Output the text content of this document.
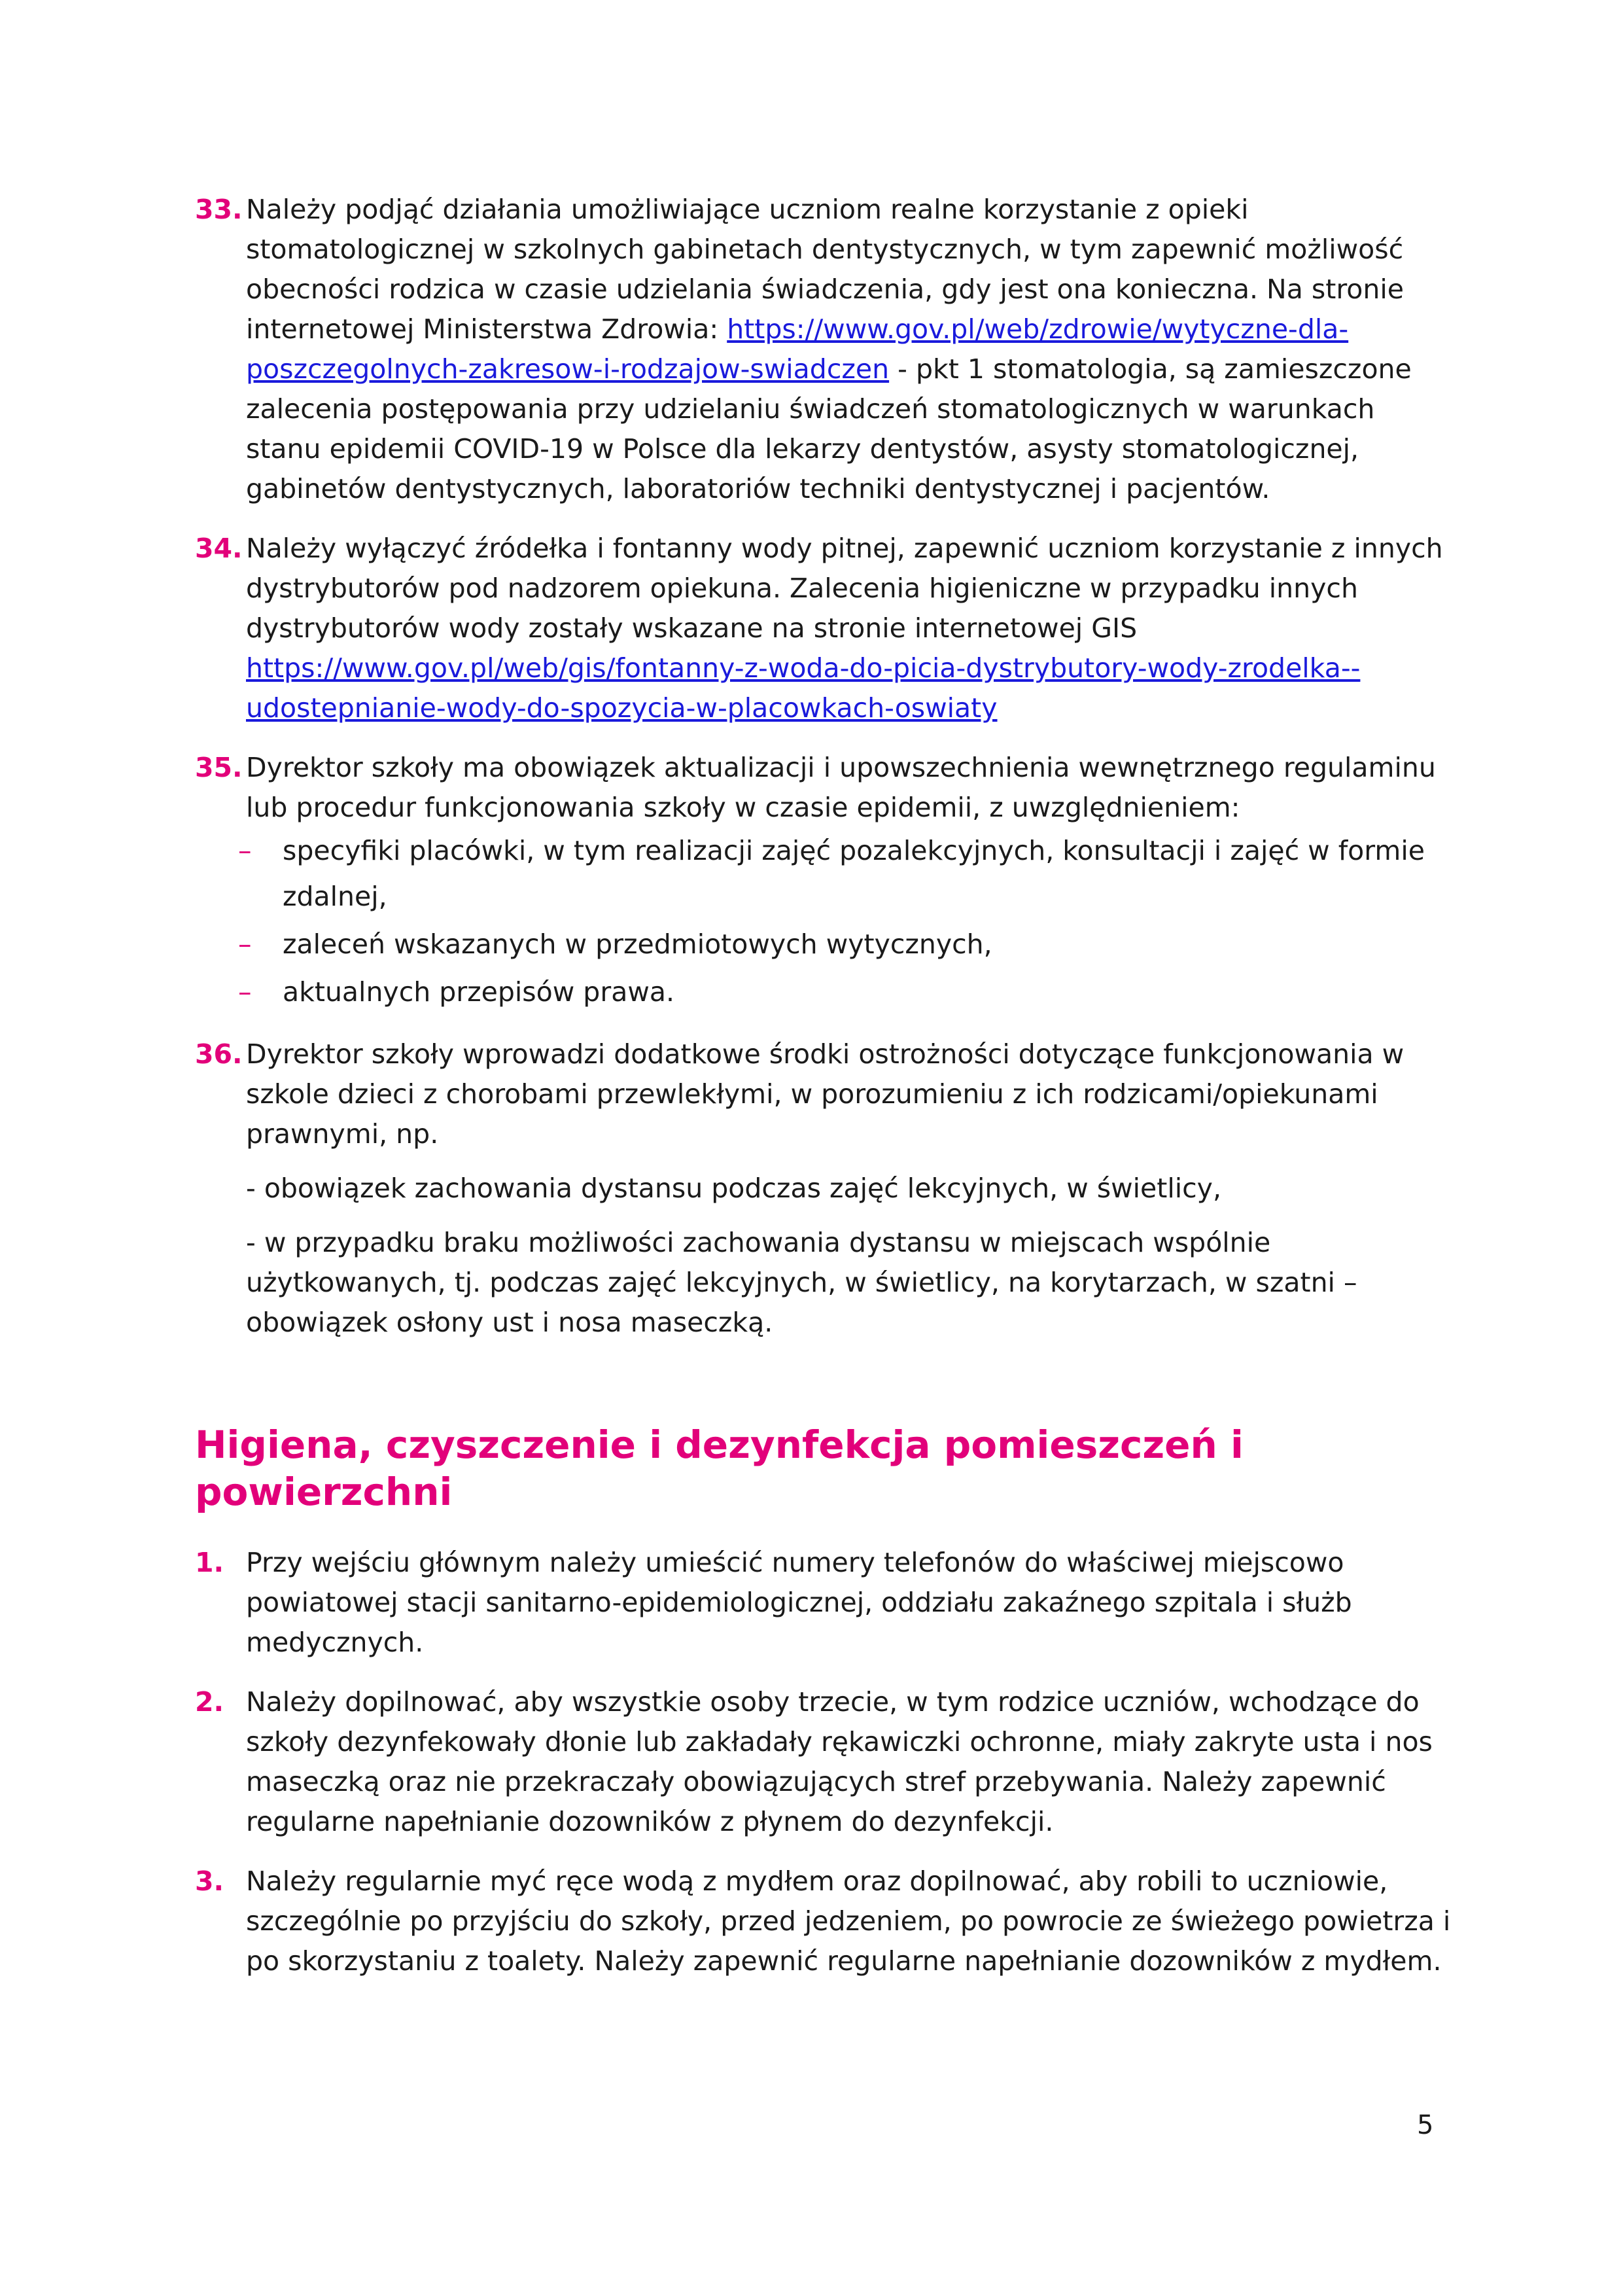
33. Należy podjąć działania umożliwiające uczniom realne korzystanie z opieki stomatologicznej w szkolnych gabinetach dentystycznych, w tym zapewnić możliwość obecności rodzica w czasie udzielania świadczenia, gdy jest ona konieczna. Na stronie internetowej Ministerstwa Zdrowia: https://www.gov.pl/web/zdrowie/wytyczne-dla-poszczegolnych-zakresow-i-rodzajow-swiadczen - pkt 1 stomatologia, są zamieszczone zalecenia postępowania przy udzielaniu świadczeń stomatologicznych w warunkach stanu epidemii COVID-19 w Polsce dla lekarzy dentystów, asysty stomatologicznej, gabinetów dentystycznych, laboratoriów techniki dentystycznej i pacjentów.

34. Należy wyłączyć źródełka i fontanny wody pitnej, zapewnić uczniom korzystanie z innych dystrybutorów pod nadzorem opiekuna. Zalecenia higieniczne w przypadku innych dystrybutorów wody zostały wskazane na stronie internetowej GIS https://www.gov.pl/web/gis/fontanny-z-woda-do-picia-dystrybutory-wody-zrodelka--udostepnianie-wody-do-spozycia-w-placowkach-oswiaty

35. Dyrektor szkoły ma obowiązek aktualizacji i upowszechnienia wewnętrznego regulaminu lub procedur funkcjonowania szkoły w czasie epidemii, z uwzględnieniem:

– specyfiki placówki, w tym realizacji zajęć pozalekcyjnych, konsultacji i zajęć w formie zdalnej,
– zaleceń wskazanych w przedmiotowych wytycznych,
– aktualnych przepisów prawa.
36. Dyrektor szkoły wprowadzi dodatkowe środki ostrożności dotyczące funkcjonowania w szkole dzieci z chorobami przewlekłymi, w porozumieniu z ich rodzicami/opiekunami prawnymi, np.

- obowiązek zachowania dystansu podczas zajęć lekcyjnych, w świetlicy,

- w przypadku braku możliwości zachowania dystansu w miejscach wspólnie użytkowanych, tj. podczas zajęć lekcyjnych, w świetlicy, na korytarzach, w szatni – obowiązek osłony ust i nosa maseczką.

Higiena, czyszczenie i dezynfekcja pomieszczeń i powierzchni
1. Przy wejściu głównym należy umieścić numery telefonów do właściwej miejscowo powiatowej stacji sanitarno-epidemiologicznej, oddziału zakaźnego szpitala i służb medycznych.

2. Należy dopilnować, aby wszystkie osoby trzecie, w tym rodzice uczniów, wchodzące do szkoły dezynfekowały dłonie lub zakładały rękawiczki ochronne, miały zakryte usta i nos maseczką oraz nie przekraczały obowiązujących stref przebywania. Należy zapewnić regularne napełnianie dozowników z płynem do dezynfekcji.

3. Należy regularnie myć ręce wodą z mydłem oraz dopilnować, aby robili to uczniowie, szczególnie po przyjściu do szkoły, przed jedzeniem, po powrocie ze świeżego powietrza i po skorzystaniu z toalety. Należy zapewnić regularne napełnianie dozowników z mydłem.

5
